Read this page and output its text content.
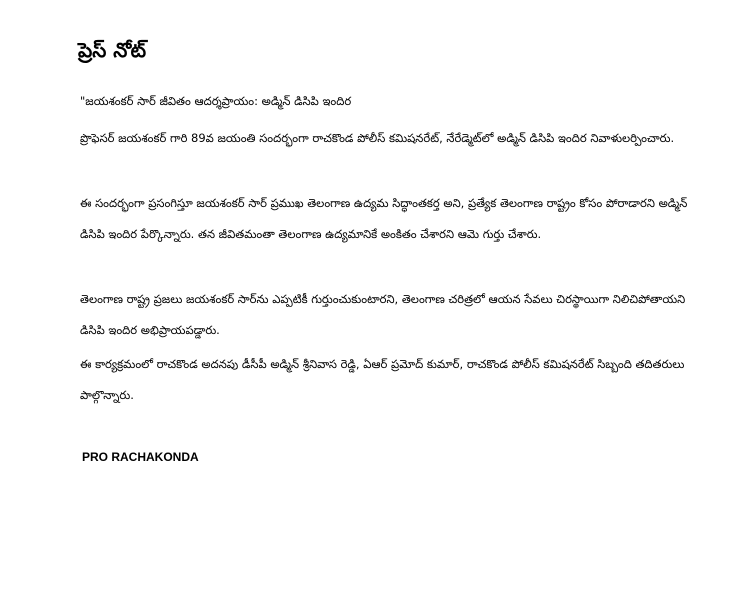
ప్రెస్ నోట్

"జయశంకర్ సార్ జీవితం ఆదర్శప్రాయం: అడ్మిన్ డిసిపి ఇందిర

ప్రొఫెసర్ జయశంకర్ గారి 89వ జయంతి సందర్భంగా రాచకొండ పోలీస్ కమిషనరేట్, నేరేడ్మెట్‌లో అడ్మిన్ డిసిపి ఇందిర నివాళులర్పించారు.

ఈ సందర్భంగా ప్రసంగిస్తూ జయశంకర్ సార్ ప్రముఖ తెలంగాణ ఉద్యమ సిద్ధాంతకర్త అని, ప్రత్యేక తెలంగాణ రాష్ట్రం కోసం పోరాడారని అడ్మిన్ డిసిపి ఇందిర పేర్కొన్నారు. తన జీవితమంతా తెలంగాణ ఉద్యమానికే అంకితం చేశారని ఆమె గుర్తు చేశారు.

తెలంగాణ రాష్ట్ర ప్రజలు జయశంకర్ సార్‌ను ఎప్పటికీ గుర్తుంచుకుంటారని, తెలంగాణ చరిత్రలో ఆయన సేవలు చిరస్థాయిగా నిలిచిపోతాయని డిసిపి ఇందిర అభిప్రాయపడ్డారు.

ఈ కార్యక్రమంలో రాచకొండ అదనపు డీసీపీ అడ్మిన్ శ్రీనివాస రెడ్డి, ఏఆర్ ప్రమోద్ కుమార్, రాచకొండ పోలీస్ కమిషనరేట్ సిబ్బంది తదితరులు పాల్గొన్నారు.

PRO RACHAKONDA
